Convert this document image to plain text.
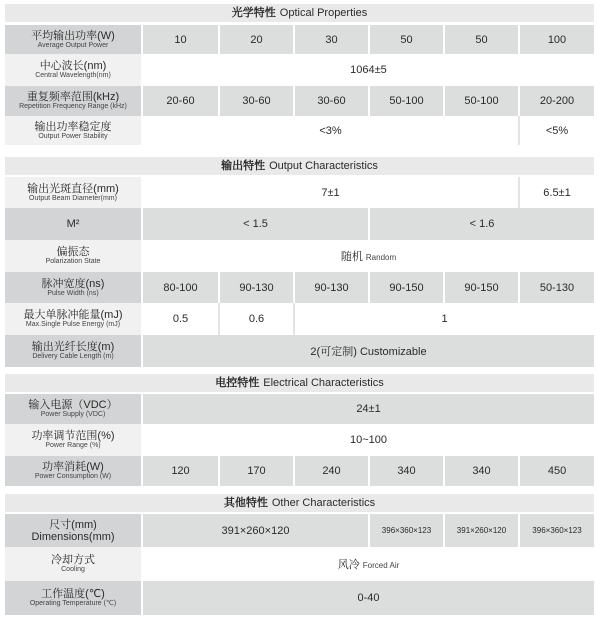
光学特性 Optical Properties
平均输出功率(W)
Average Output Power	10	20	30	50	50	100

中心波长(nm)
Central Wavelength(nm)	1064±5					

重复频率范围(kHz)
Repetition Frequency Range (kHz)	20-60	30-60	30-60	50-100	50-100	20-200

输出功率稳定度
Output Power Stability	<3%					<5%
输出特性 Output Characteristics
输出光斑直径(mm)
Output Beam Diameter(mm)	7±1					6.5±1
M²	< 1.5			< 1.6		

偏振态
Polarization State	随机 Random					

脉冲宽度(ns)
Pulse Width (ns)	80-100	90-130	90-130	90-150	90-150	50-130

最大单脉冲能量(mJ)
Max.Single Pulse Energy (mJ)	0.5	0.6	1			

输出光纤长度(m)
Delivery Cable Length (m)	2(可定制) Customizable					
电控特性 Electrical Characteristics
输入电源（VDC）
Power Supply (VDC)	24±1					

功率调节范围(%)
Power Range (%)	10~100					

功率消耗(W)
Power Consumption (W)	120	170	240	340	340	450
其他特性 Other Characteristics
尺寸(mm)
Dimensions(mm)	391×260×120	396×360×123	391×260×120	396×360×123

冷却方式
Cooling	风冷 Forced Air			

工作温度(℃)
Operating Temperature (℃)	0-40			
